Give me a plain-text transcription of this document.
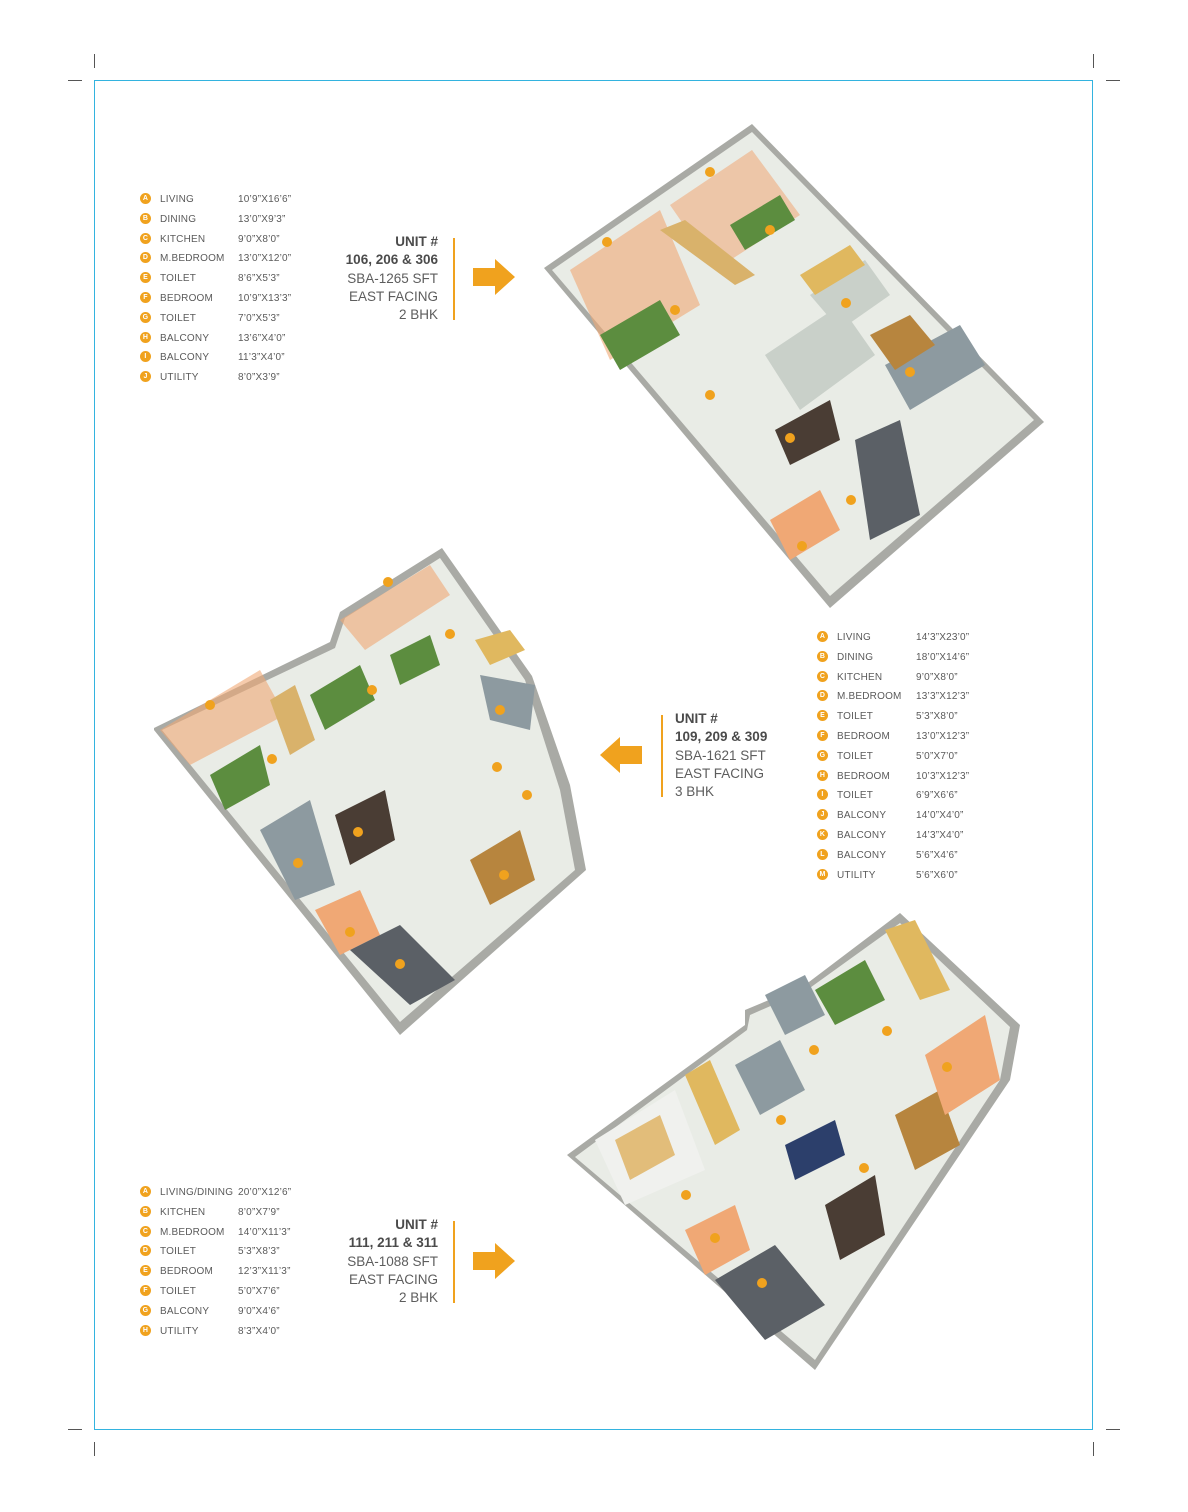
A LIVING	10’9”X16’6”
B DINING	13’0”X9’3”
C KITCHEN	9’0”X8’0”
D M.BEDROOM 13’0”X12’0”
E	TOILET	8’6”X5’3”
F	BEDROOM 10’9”X13’3”
G TOILET	7’0”X5’3”
H BALCONY	13’6”X4’0”
I	BALCONY	11’3”X4’0”
J	UTILITY	8’0”X3’9”
UNIT #
106, 206 & 306
SBA-1265 SFT
EAST FACING
2 BHK
UNIT #
109, 209 & 309
SBA-1621 SFT
EAST FACING
3 BHK
A LIVING	14’3”X23’0”
B DINING	18’0”X14’6”
C KITCHEN	9’0”X8’0”
D M.BEDROOM 13’3”X12’3”
E	TOILET	5’3”X8’0”
F	BEDROOM	13’0”X12’3”
G TOILET	5’0”X7’0”
H BEDROOM	10’3”X12’3”
I	TOILET	6’9”X6’6”
J	BALCONY	14’0”X4’0”
K BALCONY	14’3”X4’0”
L	BALCONY	5’6”X4’6”
M UTILITY	5’6”X6’0”
A LIVING/DINING 20’0”X12’6”
B KITCHEN	8’0”X7’9”
C M.BEDROOM 14’0”X11’3”
D TOILET	5’3”X8’3”
E	BEDROOM 12’3”X11’3”
F	TOILET	5’0”X7’6”
G BALCONY	9’0”X4’6”
H UTILITY	8’3”X4’0”
UNIT #
111, 211 & 311
SBA-1088 SFT
EAST FACING
2 BHK
